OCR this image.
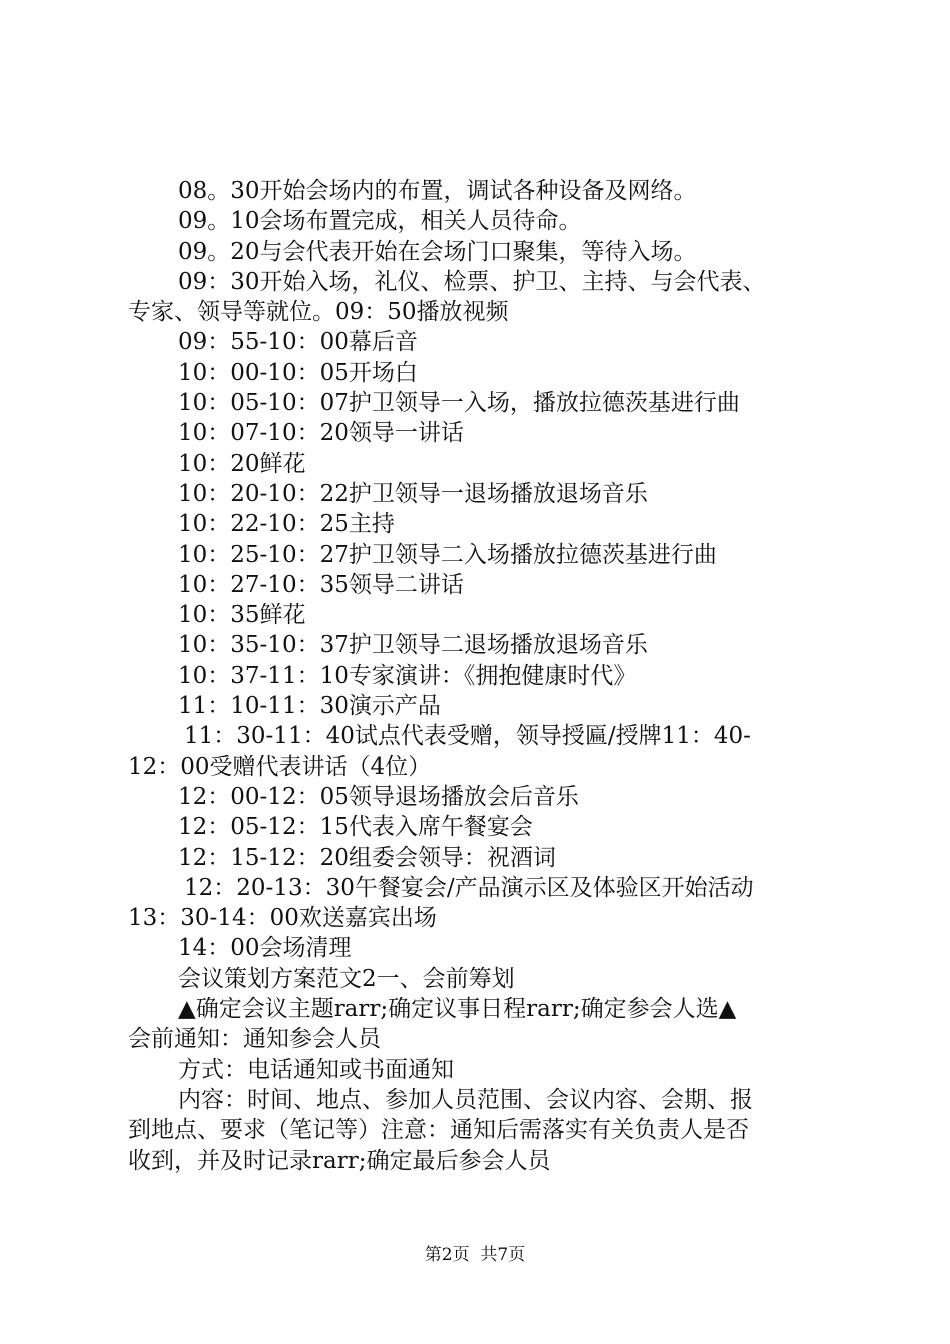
08。30开始会场内的布置，调试各种设备及网络。
09。10会场布置完成，相关人员待命。
09。20与会代表开始在会场门口聚集，等待入场。
09：30开始入场，礼仪、检票、护卫、主持、与会代表、
专家、领导等就位。09：50播放视频
09：55-10：00幕后音
10：00-10：05开场白
10：05-10：07护卫领导一入场，播放拉德茨基进行曲
10：07-10：20领导一讲话
10：20鲜花
10：20-10：22护卫领导一退场播放退场音乐
10：22-10：25主持
10：25-10：27护卫领导二入场播放拉德茨基进行曲
10：27-10：35领导二讲话
10：35鲜花
10：35-10：37护卫领导二退场播放退场音乐
10：37-11：10专家演讲：《拥抱健康时代》
11：10-11：30演示产品
11：30-11：40试点代表受赠，领导授匾/授牌11：40-
12：00受赠代表讲话（4位）
12：00-12：05领导退场播放会后音乐
12：05-12：15代表入席午餐宴会
12：15-12：20组委会领导：祝酒词
12：20-13：30午餐宴会/产品演示区及体验区开始活动
13：30-14：00欢送嘉宾出场
14：00会场清理
会议策划方案范文2一、会前筹划
▲确定会议主题rarr;确定议事日程rarr;确定参会人选▲
会前通知：通知参会人员
方式：电话通知或书面通知
内容：时间、地点、参加人员范围、会议内容、会期、报
到地点、要求（笔记等）注意：通知后需落实有关负责人是否
收到，并及时记录rarr;确定最后参会人员
第2页  共7页
